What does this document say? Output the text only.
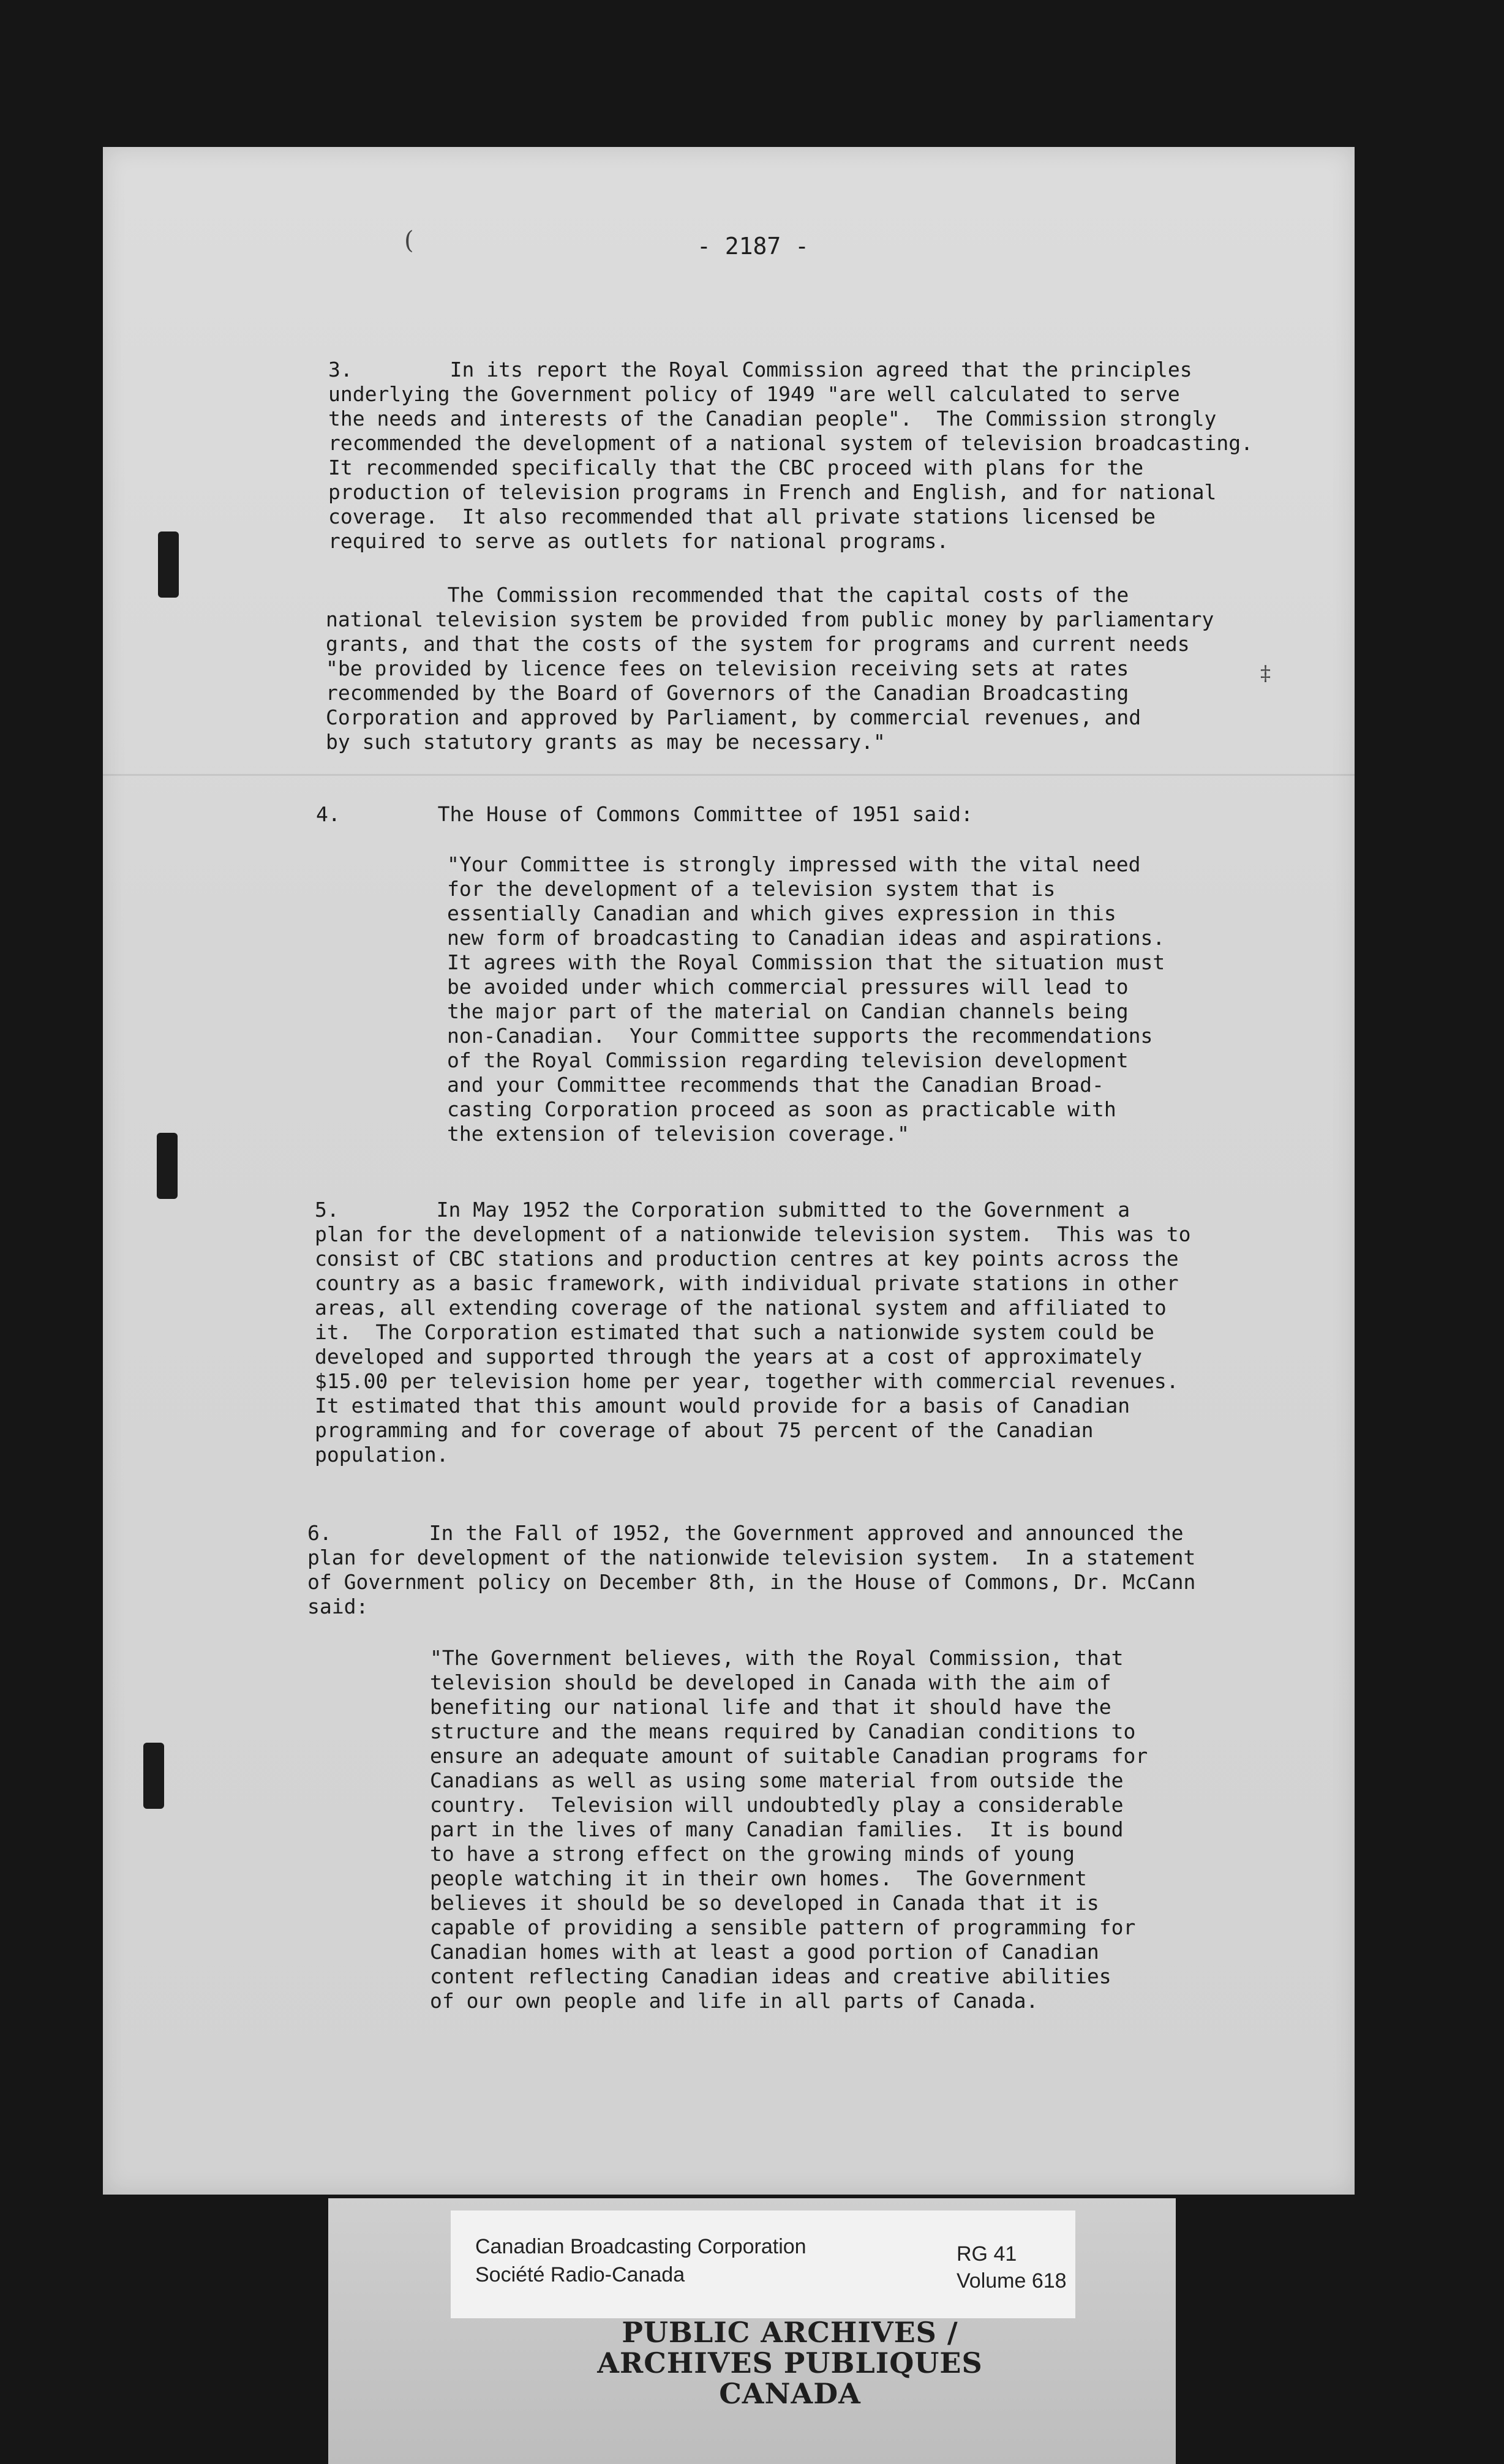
- 2187 -
3.        In its report the Royal Commission agreed that the principles
underlying the Government policy of 1949 "are well calculated to serve
the needs and interests of the Canadian people".  The Commission strongly
recommended the development of a national system of television broadcasting.
It recommended specifically that the CBC proceed with plans for the
production of television programs in French and English, and for national
coverage.  It also recommended that all private stations licensed be
required to serve as outlets for national programs.
The Commission recommended that the capital costs of the
national television system be provided from public money by parliamentary
grants, and that the costs of the system for programs and current needs
"be provided by licence fees on television receiving sets at rates
recommended by the Board of Governors of the Canadian Broadcasting
Corporation and approved by Parliament, by commercial revenues, and
by such statutory grants as may be necessary."
4.        The House of Commons Committee of 1951 said:
"Your Committee is strongly impressed with the vital need
for the development of a television system that is
essentially Canadian and which gives expression in this
new form of broadcasting to Canadian ideas and aspirations.
It agrees with the Royal Commission that the situation must
be avoided under which commercial pressures will lead to
the major part of the material on Candian channels being
non-Canadian.  Your Committee supports the recommendations
of the Royal Commission regarding television development
and your Committee recommends that the Canadian Broad-
casting Corporation proceed as soon as practicable with
the extension of television coverage."
5.        In May 1952 the Corporation submitted to the Government a
plan for the development of a nationwide television system.  This was to
consist of CBC stations and production centres at key points across the
country as a basic framework, with individual private stations in other
areas, all extending coverage of the national system and affiliated to
it.  The Corporation estimated that such a nationwide system could be
developed and supported through the years at a cost of approximately
$15.00 per television home per year, together with commercial revenues.
It estimated that this amount would provide for a basis of Canadian
programming and for coverage of about 75 percent of the Canadian
population.
6.        In the Fall of 1952, the Government approved and announced the
plan for development of the nationwide television system.  In a statement
of Government policy on December 8th, in the House of Commons, Dr. McCann
said:
"The Government believes, with the Royal Commission, that
television should be developed in Canada with the aim of
benefiting our national life and that it should have the
structure and the means required by Canadian conditions to
ensure an adequate amount of suitable Canadian programs for
Canadians as well as using some material from outside the
country.  Television will undoubtedly play a considerable
part in the lives of many Canadian families.  It is bound
to have a strong effect on the growing minds of young
people watching it in their own homes.  The Government
believes it should be so developed in Canada that it is
capable of providing a sensible pattern of programming for
Canadian homes with at least a good portion of Canadian
content reflecting Canadian ideas and creative abilities
of our own people and life in all parts of Canada.
(
‡
Canadian Broadcasting Corporation
Société Radio-Canada
RG 41
Volume 618
PUBLIC ARCHIVES /
ARCHIVES PUBLIQUES
CANADA
